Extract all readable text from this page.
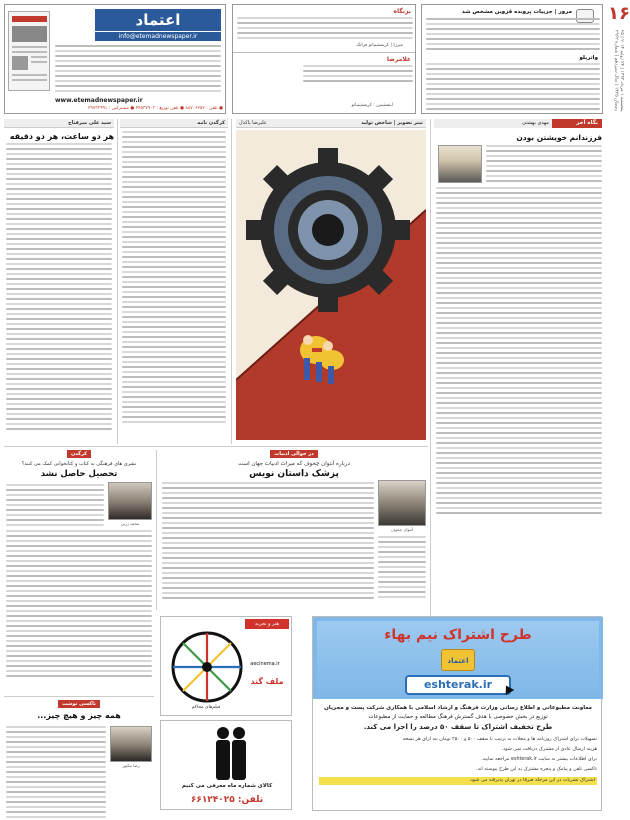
اعتماد
info@etemadnewspaper.ir
www.etemadnewspaper.ir
● تلفن : ۸۸۷۰۶۲۵۲ ● تلفن توزیع : ۴۴۵۳۷۹۰۳ ● مشترکین : ۲۹۷۳۳۹۹۱
بزنگاه
میرزا | کریستینیانو فرانک
غلامرضا
اینستینین : کریستینیانو
مرور | جزییات پرونده قزوین مشخص شد
واترپلو
۱۶
پنجشنبه ۱ مرداد ۱۳۹۳ | ۲۴ ژوئیه ۲۰۱۴ | ۲۵ رمضان ۱۴۳۵ | سال سیزدهم | شماره ۲۹۶۲
نگاه آخر
مهدی بهشتی
فرزندانم خویشتن بودن
تیتر تصویر | شاخص تولید
علیرضا پاکدل
کرگدن نامه
سید علی میرفتاح
هر دو ساعت، هر دو دقیقه
در حوالی ادبیات
درباره آنتوان چخوف که میراث ادبیات جهان است
پزشک داستان نویس
آنتوان چخوف
کرگدن
نشری های فرهنگی به کتاب و کتابخوانی کمک می کنند؟
تحصیل حاصل نشد
محمد زرین
تاکسی نوشت
همه چیز و هیچ چیز...
رضا نیکپور
هنر و تجربه
ملف گند
aecinema.ir
فیلم‌های محاکم
کالای شماره ماه معرفی می کنیم
تلفن: ۶۶۱۲۴۰۲۵
طرح اشتراک نیم بهاء
اعتماد
eshterak.ir
معاونت مطبوعاتی و اطلاع رسانی وزارت فرهنگ و ارشاد اسلامی با همکاری شرکت پست و مجریان
توزیع در بخش خصوصی با هدف گسترش فرهنگ مطالعه و حمایت از مطبوعات
طرح تخفیف اشتراک تا سقف ۵۰ درصد را اجرا می کند.
تسهیلات برای اشتراک روزنامه ها و مجلات به ترتیب تا سقف ۵۰۰ و ۲۵۰۰ تومان بنه ازای هر نسخه
هزینه ارسال عادی از مشترک دریافت نمی شود.
برای اطلاعات بیشتر به سایت eshterak.ir مراجعه نمایید.
تاکسی تلفن و پیامک و پنجره مشترک به این طرح پیوسته اند.
اشتراک نشریات در این مرحله صرفا در تهران پذیرفته می شود.
